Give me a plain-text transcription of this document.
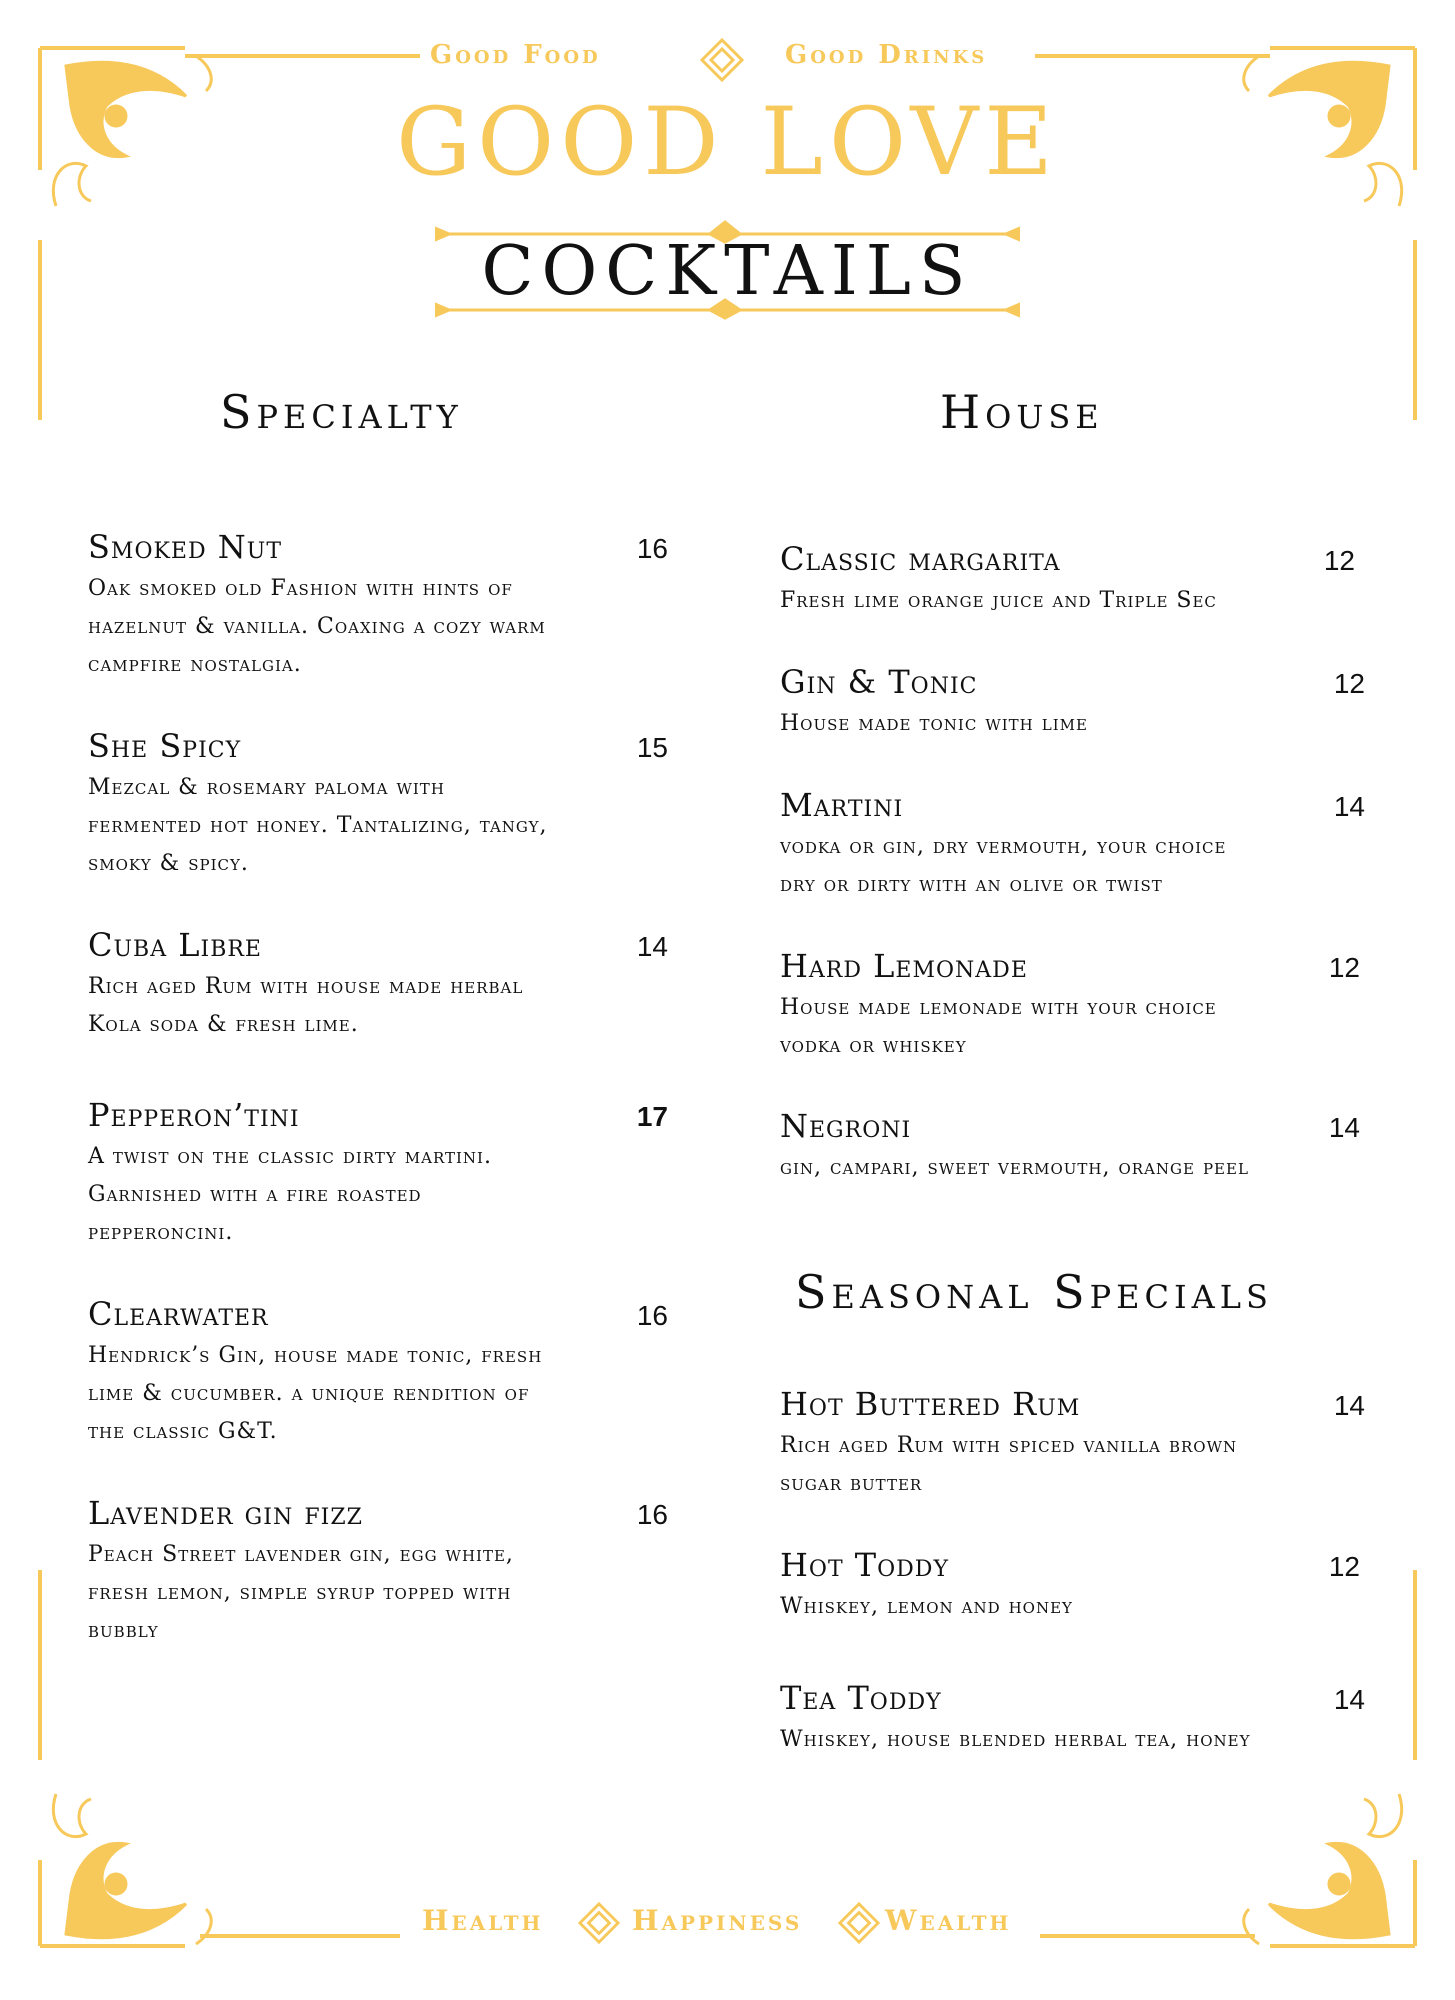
Good Food	Good Drinks
GOOD LOVE
COCKTAILS
Specialty	House
Seasonal Specials
Smoked Nut	16
Oak smoked old Fashion with hints of
hazelnut & vanilla. Coaxing a cozy warm
campfire nostalgia.
She Spicy	15
Mezcal & rosemary paloma with
fermented hot honey. Tantalizing, tangy,
smoky & spicy.
Cuba Libre	14
Rich aged Rum with house made herbal
Kola soda & fresh lime.
Pepperon’tini	17
A twist on the classic dirty martini.
Garnished with a fire roasted
pepperoncini.
Clearwater	16
Hendrick’s Gin, house made tonic, fresh
lime & cucumber. a unique rendition of
the classic G&T.
Lavender gin fizz	16
Peach Street lavender gin, egg white,
fresh lemon, simple syrup topped with
bubbly
Classic margarita	12
Fresh lime orange juice and Triple Sec
Gin & Tonic	12
House made tonic with lime
Martini	14
vodka or gin, dry vermouth, your choice
dry or dirty with an olive or twist
Hard Lemonade	12
House made lemonade with your choice
vodka or whiskey
Negroni	14
gin, campari, sweet vermouth, orange peel
Hot Buttered Rum	14
Rich aged Rum with spiced vanilla brown
sugar butter
Hot Toddy	12
Whiskey, lemon and honey
Tea Toddy	14
Whiskey, house blended herbal tea, honey
Health	Happiness	Wealth
